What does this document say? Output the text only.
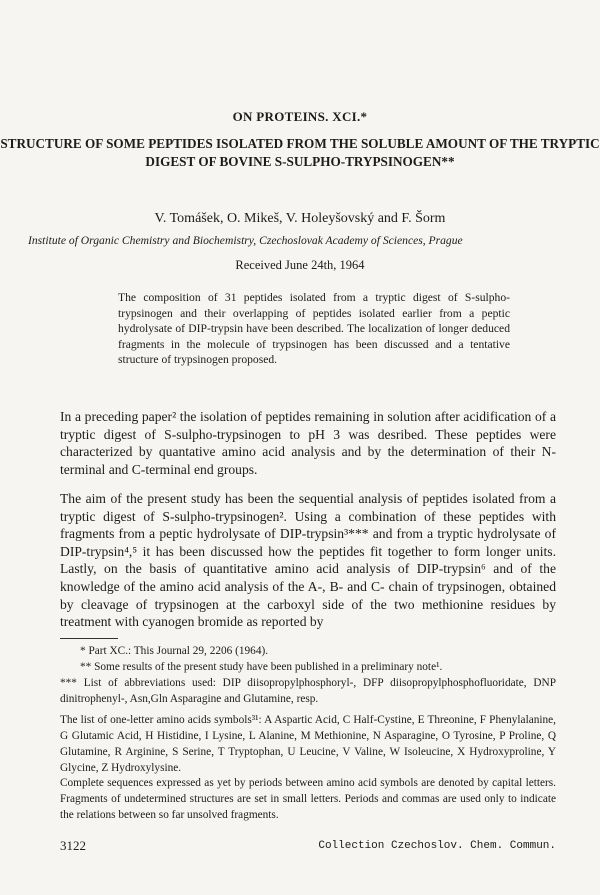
ON PROTEINS. XCI.*

STRUCTURE OF SOME PEPTIDES ISOLATED FROM THE SOLUBLE AMOUNT OF THE TRYPTIC DIGEST OF BOVINE S-SULPHO-TRYPSINOGEN**

V. Tomášek, O. Mikeš, V. Holeyšovský and F. Šorm

Institute of Organic Chemistry and Biochemistry, Czechoslovak Academy of Sciences, Prague

Received June 24th, 1964

The composition of 31 peptides isolated from a tryptic digest of S-sulpho-trypsinogen and their overlapping of peptides isolated earlier from a peptic hydrolysate of DIP-trypsin have been described. The localization of longer deduced fragments in the molecule of trypsinogen has been discussed and a tentative structure of trypsinogen proposed.

In a preceding paper² the isolation of peptides remaining in solution after acidification of a tryptic digest of S-sulpho-trypsinogen to pH 3 was desribed. These peptides were characterized by quantative amino acid analysis and by the determination of their N-terminal and C-terminal end groups.

The aim of the present study has been the sequential analysis of peptides isolated from a tryptic digest of S-sulpho-trypsinogen². Using a combination of these peptides with fragments from a peptic hydrolysate of DIP-trypsin³*** and from a tryptic hydrolysate of DIP-trypsin⁴,⁵ it has been discussed how the peptides fit together to form longer units. Lastly, on the basis of quantitative amino acid analysis of DIP-trypsin⁶ and of the knowledge of the amino acid analysis of the A-, B- and C- chain of trypsinogen, obtained by cleavage of trypsinogen at the carboxyl side of the two methionine residues by treatment with cyanogen bromide as reported by

* Part XC.: This Journal 29, 2206 (1964).

** Some results of the present study have been published in a preliminary note¹.

*** List of abbreviations used: DIP diisopropylphosphoryl-, DFP diisopropylphosphofluoridate, DNP dinitrophenyl-, Asn,Gln Asparagine and Glutamine, resp.

The list of one-letter amino acids symbols³¹: A Aspartic Acid, C Half-Cystine, E Threonine, F Phenylalanine, G Glutamic Acid, H Histidine, I Lysine, L Alanine, M Methionine, N Asparagine, O Tyrosine, P Proline, Q Glutamine, R Arginine, S Serine, T Tryptophan, U Leucine, V Valine, W Isoleucine, X Hydroxyproline, Y Glycine, Z Hydroxylysine.

Complete sequences expressed as yet by periods between amino acid symbols are denoted by capital letters. Fragments of undetermined structures are set in small letters. Periods and commas are used only to indicate the relations between so far unsolved fragments.

3122	Collection Czechoslov. Chem. Commun.
